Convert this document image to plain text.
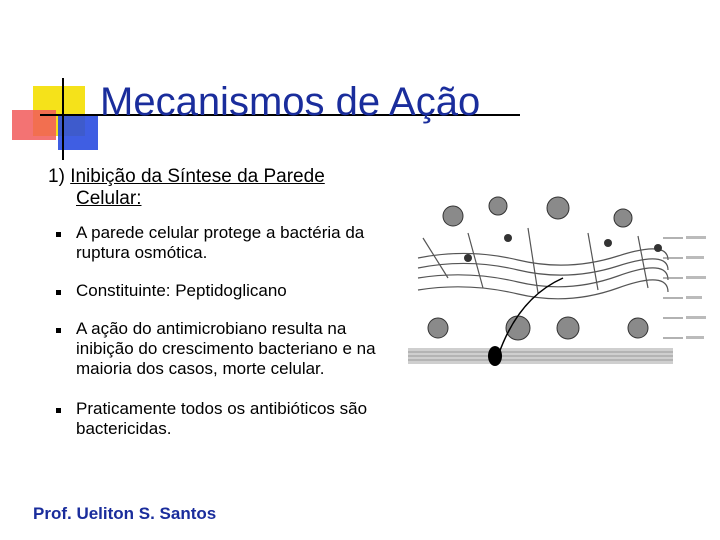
Mecanismos de Ação
1) Inibição da Síntese da Parede
Celular:
A parede celular protege a bactéria da ruptura osmótica.
Constituinte: Peptidoglicano
A ação do antimicrobiano resulta na inibição do crescimento bacteriano e na maioria dos casos, morte celular.
Praticamente todos os antibióticos são bactericidas.
Prof. Ueliton S. Santos
